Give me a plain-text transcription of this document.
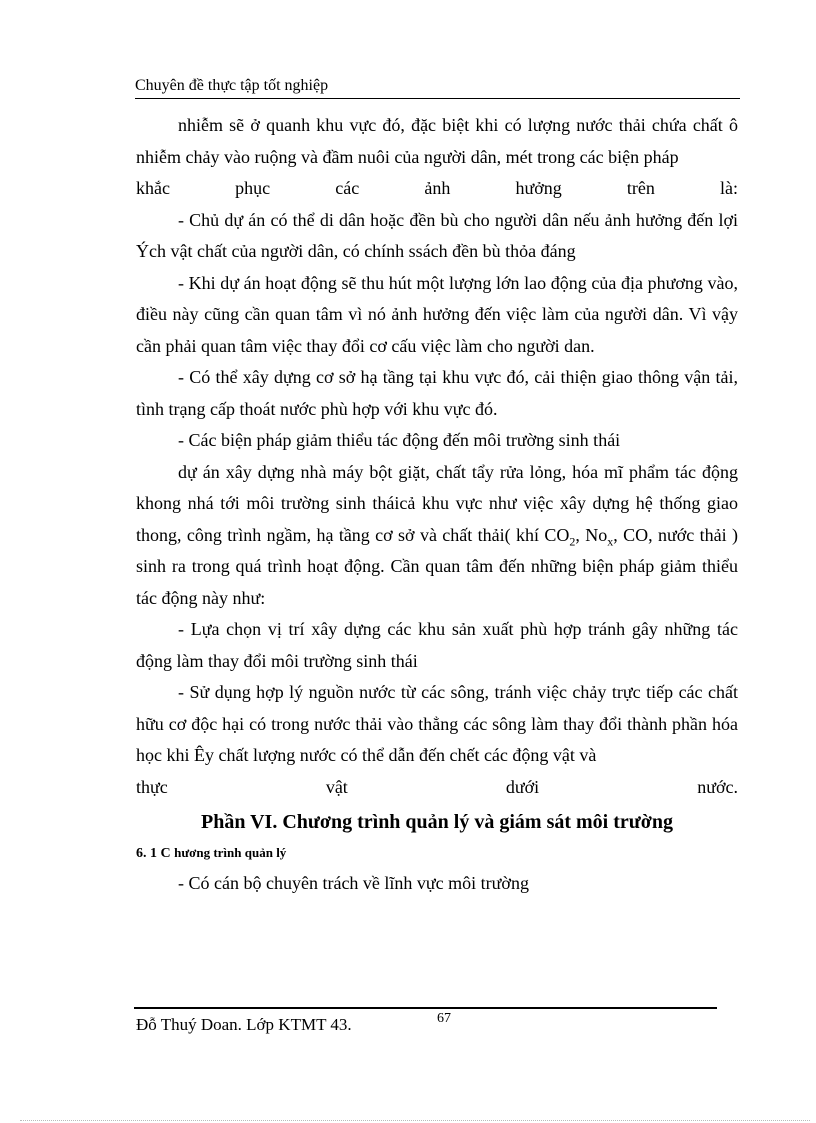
Chuyên đề thực tập tốt nghiệp

nhiễm sẽ ở quanh khu vực đó, đặc biệt khi có lượng nước thải chứa chất ô nhiễm chảy vào ruộng và đầm nuôi của người dân, mét trong các biện pháp

khắc phục các ảnh hưởng trên là:

- Chủ dự án có thể di dân hoặc đền bù cho người dân nếu ảnh hưởng đến lợi Ých vật chất của người dân, có chính ssách đền bù thỏa đáng

- Khi dự án hoạt động sẽ thu hút một lượng lớn lao động của địa phương vào, điều này cũng cần quan tâm vì nó ảnh hưởng đến việc làm của người dân. Vì vậy cần phải quan tâm việc thay đổi cơ cấu việc làm cho người dan.

- Có thể xây dựng cơ sở hạ tầng tại khu vực đó, cải thiện giao thông vận tải, tình trạng cấp thoát nước phù hợp với khu vực đó.

- Các biện pháp giảm thiểu tác động đến môi trường sinh thái

dự án xây dựng nhà máy bột giặt, chất tẩy rửa lỏng, hóa mĩ phẩm tác động khong nhá tới môi trường sinh tháicả khu vực như việc xây dựng hệ thống giao thong, công trình ngầm, hạ tầng cơ sở và chất thải( khí $CO_2$, $No_x$, CO, nước thải ) sinh ra trong quá trình hoạt động. Cần quan tâm đến những biện pháp giảm thiểu tác động này như:

- Lựa chọn vị trí xây dựng các khu sản xuất phù hợp tránh gây những tác động làm thay đổi môi trường sinh thái

- Sử dụng hợp lý nguồn nước từ các sông, tránh việc chảy trực tiếp các chất hữu cơ độc hại có trong nước thải vào thẳng các sông làm thay đổi thành phần hóa học khi Êy chất lượng nước có thể dẫn đến chết các động vật và

thực vật dưới nước.

Phần VI. Chương trình quản lý và giám sát môi trường
6. 1 C hương trình quản lý

- Có cán bộ chuyên trách về lĩnh vực môi trường

Đỗ Thuý Doan. Lớp KTMT 43.	67
